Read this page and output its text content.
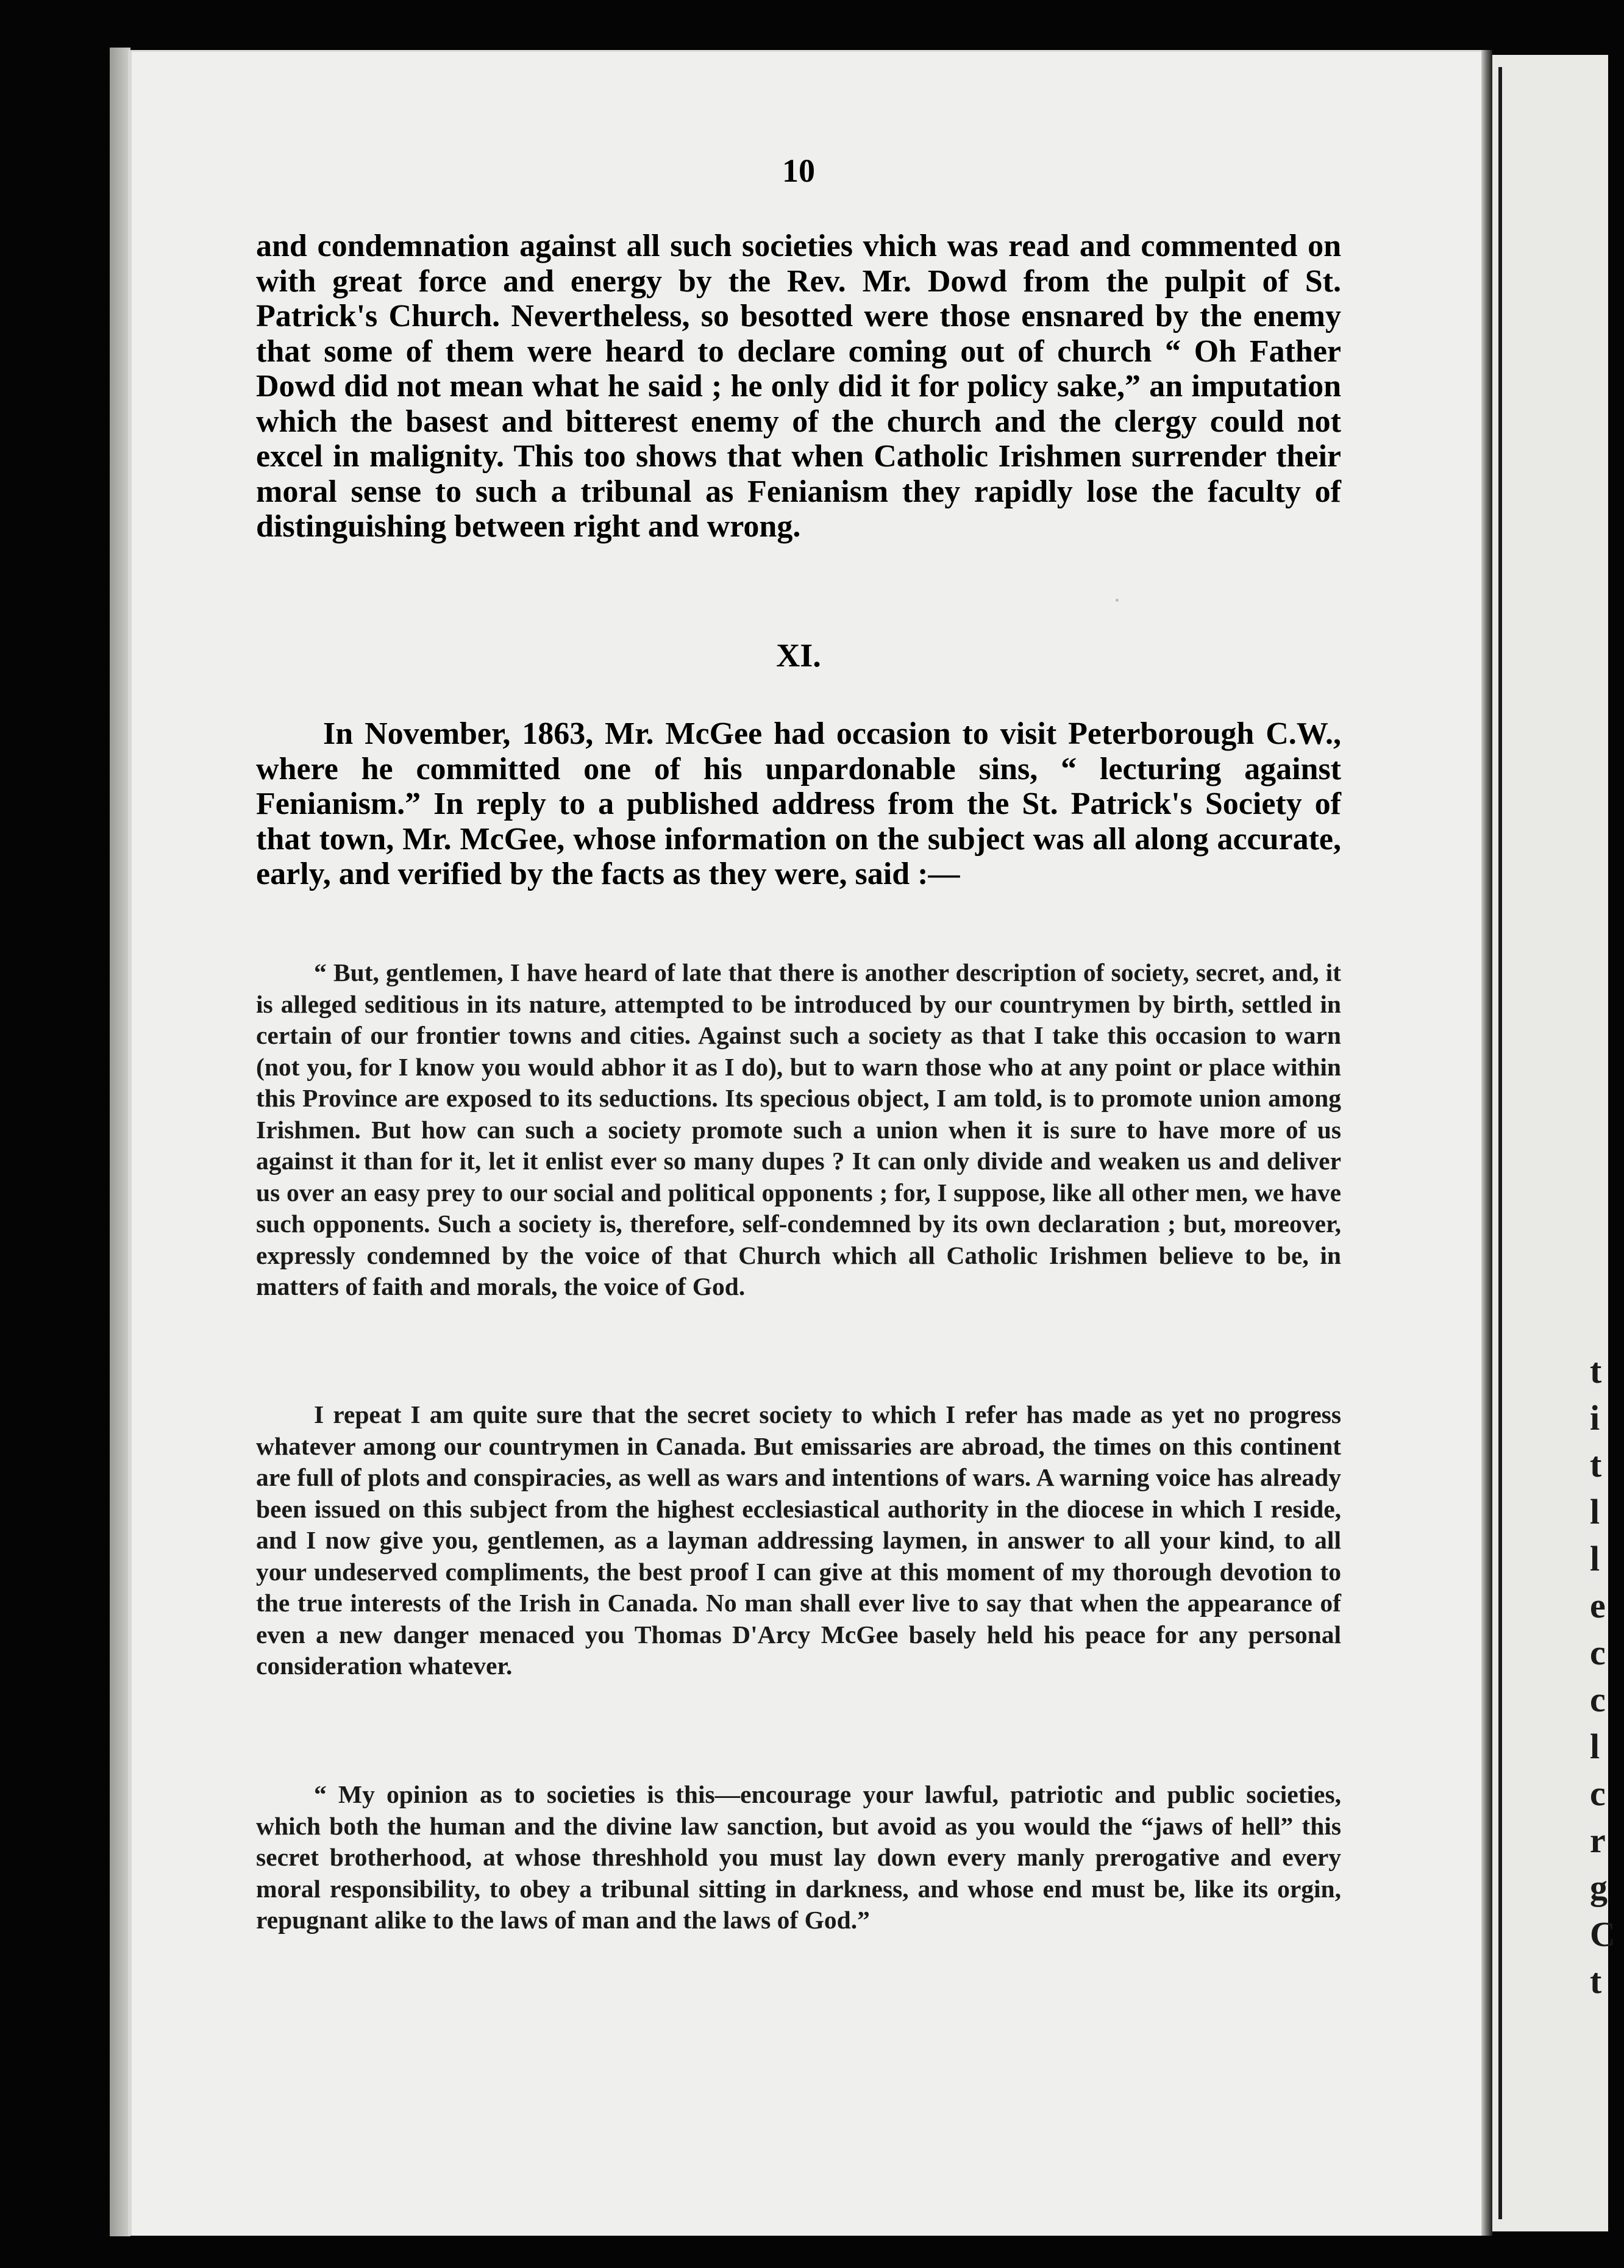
t
i
t
l
l
e
c
c
l
c
r
g
C
t
10

and condemnation against all such societies vhich was read and commented on with great force and energy by the Rev. Mr. Dowd from the pulpit of St. Patrick's Church. Nevertheless, so besotted were those ensnared by the enemy that some of them were heard to declare coming out of church “ Oh Father Dowd did not mean what he said ; he only did it for policy sake,” an imputation which the basest and bitterest enemy of the church and the clergy could not excel in malignity. This too shows that when Catholic Irishmen surrender their moral sense to such a tribunal as Fenianism they rapidly lose the faculty of distinguishing between right and wrong.

XI.

In November, 1863, Mr. McGee had occasion to visit Peterborough C.W., where he committed one of his unpardonable sins, “ lecturing against Fenianism.” In reply to a published address from the St. Patrick's Society of that town, Mr. McGee, whose information on the subject was all along accurate, early, and verified by the facts as they were, said :—

“ But, gentlemen, I have heard of late that there is another description of society, secret, and, it is alleged seditious in its nature, attempted to be introduced by our countrymen by birth, settled in certain of our frontier towns and cities. Against such a society as that I take this occasion to warn (not you, for I know you would abhor it as I do), but to warn those who at any point or place within this Province are exposed to its seductions. Its specious object, I am told, is to promote union among Irishmen. But how can such a society promote such a union when it is sure to have more of us against it than for it, let it enlist ever so many dupes ? It can only divide and weaken us and deliver us over an easy prey to our social and political opponents ; for, I suppose, like all other men, we have such opponents. Such a society is, therefore, self-condemned by its own declaration ; but, moreover, expressly condemned by the voice of that Church which all Catholic Irishmen believe to be, in matters of faith and morals, the voice of God.

I repeat I am quite sure that the secret society to which I refer has made as yet no progress whatever among our countrymen in Canada. But emissaries are abroad, the times on this continent are full of plots and conspiracies, as well as wars and intentions of wars. A warning voice has already been issued on this subject from the highest ecclesiastical authority in the diocese in which I reside, and I now give you, gentlemen, as a layman addressing laymen, in answer to all your kind, to all your undeserved compliments, the best proof I can give at this moment of my thorough devotion to the true interests of the Irish in Canada. No man shall ever live to say that when the appearance of even a new danger menaced you Thomas D'Arcy McGee basely held his peace for any personal consideration whatever.

“ My opinion as to societies is this—encourage your lawful, patriotic and public societies, which both the human and the divine law sanction, but avoid as you would the “jaws of hell” this secret brotherhood, at whose threshhold you must lay down every manly prerogative and every moral responsibility, to obey a tribunal sitting in darkness, and whose end must be, like its orgin, repugnant alike to the laws of man and the laws of God.”
